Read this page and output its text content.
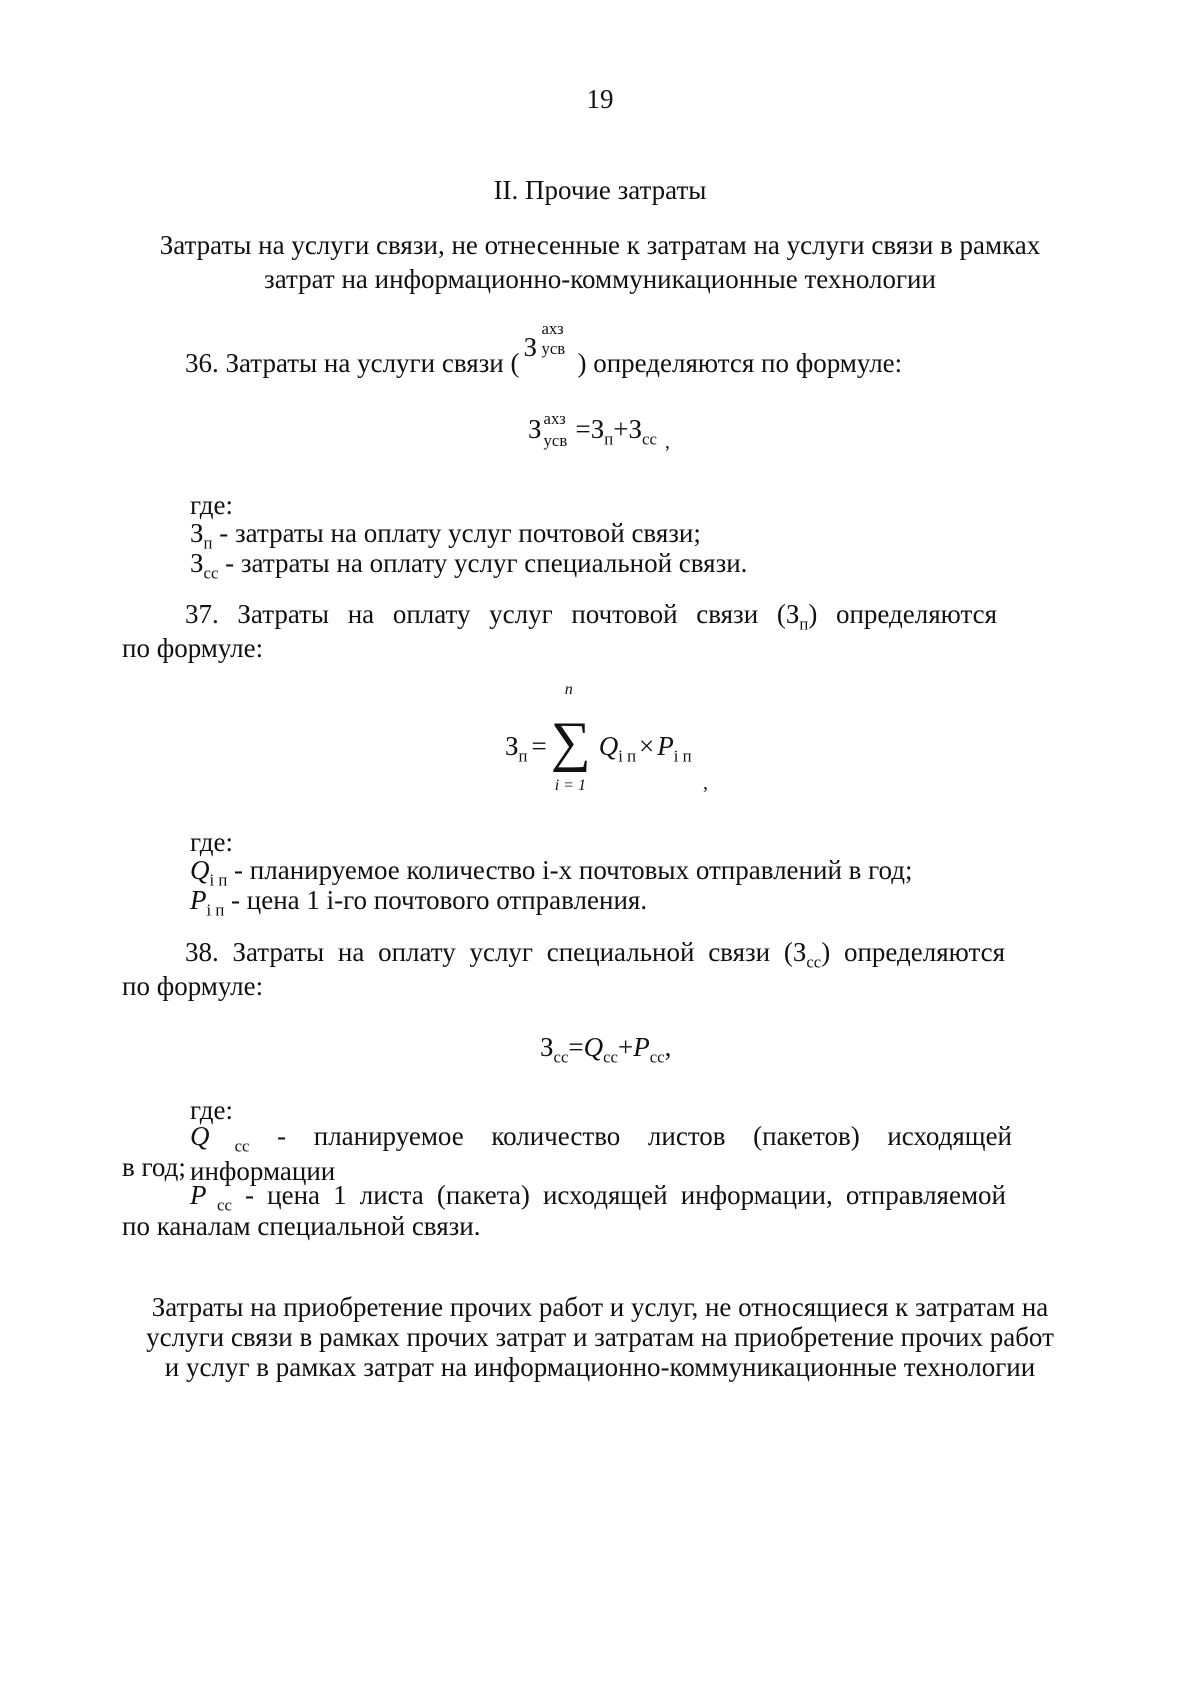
19
II. Прочие затраты
Затраты на услуги связи, не отнесенные к затратам на услуги связи в рамках
затрат на информационно-коммуникационные технологии
36. Затраты на услуги связи (
З
ахз
усв ) определяются по формуле:
З ахз
усв $=З_п+З_{сс}$ $_,$
где:
$З_п$ - затраты на оплату услуг почтовой связи;
$З_{сс}$ - затраты на оплату услуг специальной связи.
37. Затраты на оплату услуг почтовой связи $(З_п)$ определяются
по формуле:
$З_п$ = ∑
n
i = 1
$Q_{i п} \times P_{i п}$
,
где:
$Q_{i п}$ - планируемое количество i-х почтовых отправлений в год;
$P_{i п}$ - цена 1 i-го почтового отправления.
38. Затраты на оплату услуг специальной связи $(З_{сс})$ определяются
по формуле:
$З_{сс}=Q_{сс}+P_{сс}$,
где:
Q $_{сс}$ - планируемое количество листов (пакетов) исходящей информации
в год;
P $_{сс}$ - цена 1 листа (пакета) исходящей информации, отправляемой
по каналам специальной связи.
Затраты на приобретение прочих работ и услуг, не относящиеся к затратам на
услуги связи в рамках прочих затрат и затратам на приобретение прочих работ
и услуг в рамках затрат на информационно-коммуникационные технологии
